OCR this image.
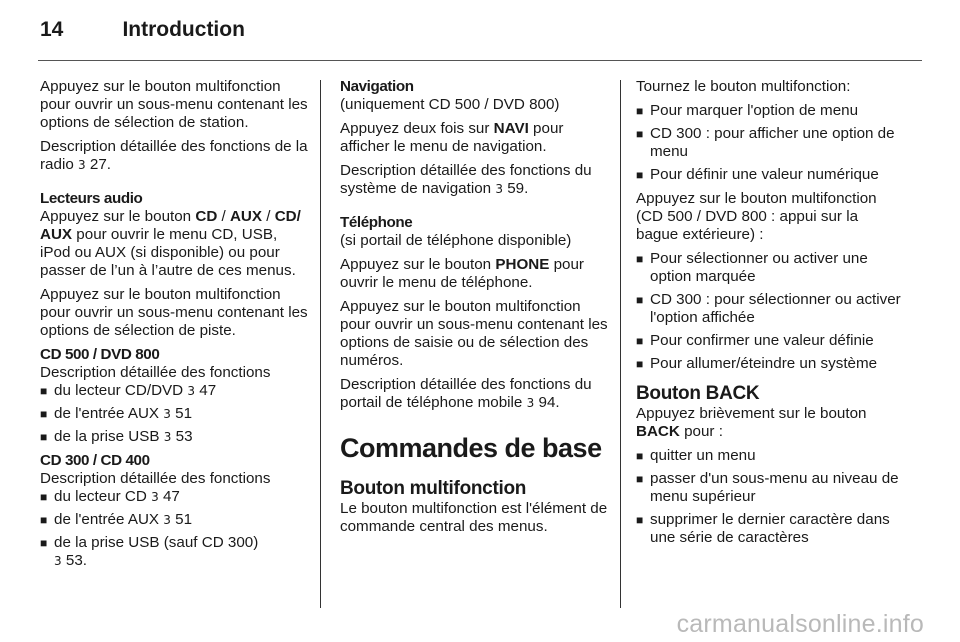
14	Introduction

Appuyez sur le bouton multifonction pour ouvrir un sous-menu contenant les options de sélection de station.

Description détaillée des fonctions de la radio 3 27.

Lecteurs audio

Appuyez sur le bouton CD / AUX / CD/ AUX pour ouvrir le menu CD, USB, iPod ou AUX (si disponible) ou pour passer de l’un à l’autre de ces menus.

Appuyez sur le bouton multifonction pour ouvrir un sous-menu contenant les options de sélection de piste.

CD 500 / DVD 800
Description détaillée des fonctions
■ du lecteur CD/DVD 3 47
■ de l'entrée AUX 3 51
■ de la prise USB 3 53
CD 300 / CD 400
Description détaillée des fonctions
■ du lecteur CD 3 47
■ de l'entrée AUX 3 51
■ de la prise USB (sauf CD 300)
3 53.
Navigation

(uniquement CD 500 / DVD 800)

Appuyez deux fois sur NAVI pour afficher le menu de navigation.

Description détaillée des fonctions du système de navigation 3 59.

Téléphone

(si portail de téléphone disponible)

Appuyez sur le bouton PHONE pour ouvrir le menu de téléphone.

Appuyez sur le bouton multifonction pour ouvrir un sous-menu contenant les options de saisie ou de sélection des numéros.

Description détaillée des fonctions du portail de téléphone mobile 3 94.

Commandes de base
Bouton multifonction

Le bouton multifonction est l'élément de commande central des menus.

Tournez le bouton multifonction:

■ Pour marquer l'option de menu
■ CD 300 : pour afficher une option de menu
■ Pour définir une valeur numérique

Appuyez sur le bouton multifonction (CD 500 / DVD 800 : appui sur la bague extérieure) :

■ Pour sélectionner ou activer une option marquée
■ CD 300 : pour sélectionner ou activer l'option affichée
■ Pour confirmer une valeur définie
■ Pour allumer/éteindre un système
Bouton BACK

Appuyez brièvement sur le bouton BACK pour :

■ quitter un menu
■ passer d'un sous-menu au niveau de menu supérieur
■ supprimer le dernier caractère dans une série de caractères
carmanualsonline.info
